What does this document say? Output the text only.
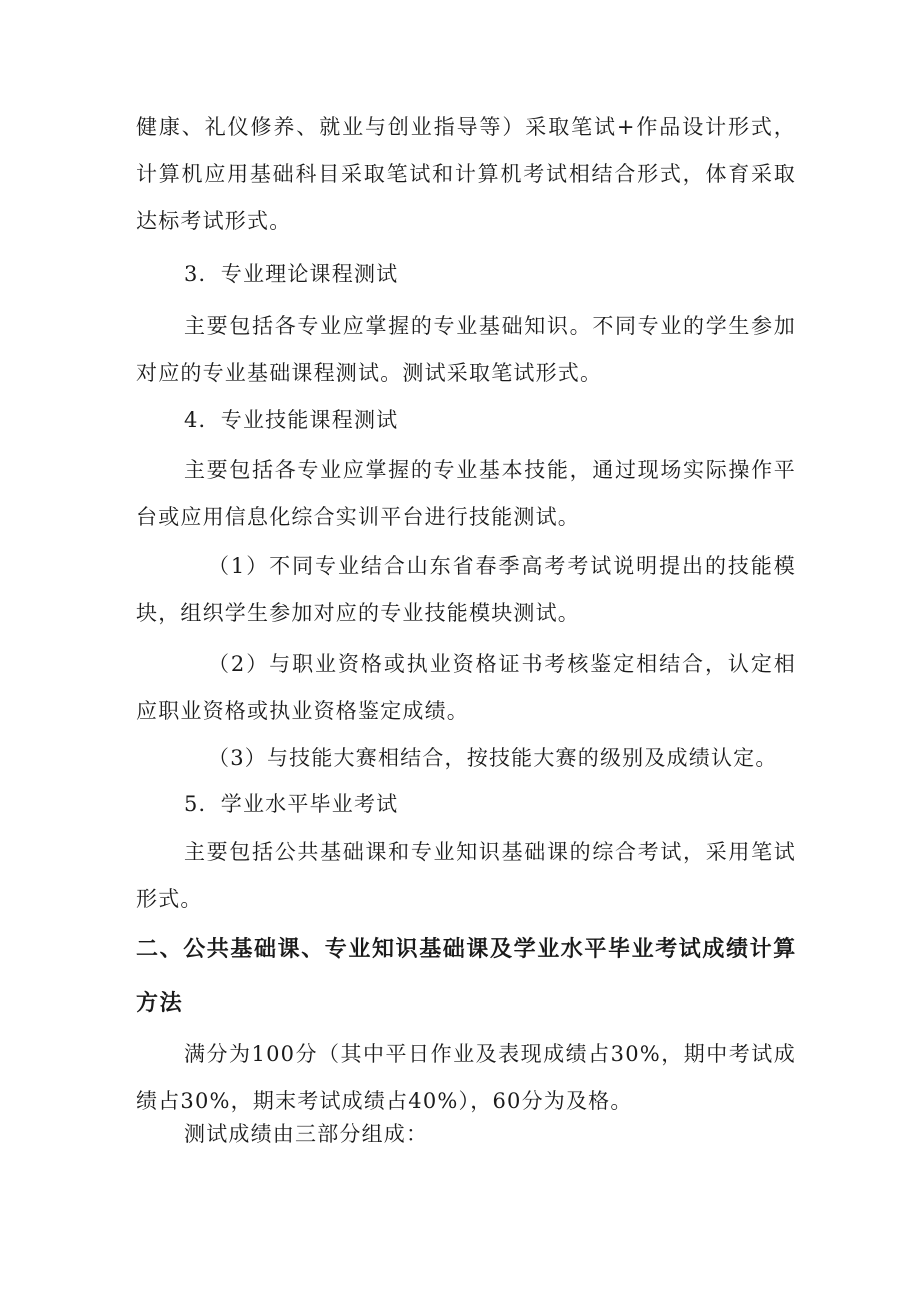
健康、礼仪修养、就业与创业指导等）采取笔试+作品设计形式，计算机应用基础科目采取笔试和计算机考试相结合形式，体育采取达标考试形式。

3．专业理论课程测试

主要包括各专业应掌握的专业基础知识。不同专业的学生参加对应的专业基础课程测试。测试采取笔试形式。

4．专业技能课程测试

主要包括各专业应掌握的专业基本技能，通过现场实际操作平台或应用信息化综合实训平台进行技能测试。

（1）不同专业结合山东省春季高考考试说明提出的技能模块，组织学生参加对应的专业技能模块测试。

（2）与职业资格或执业资格证书考核鉴定相结合，认定相应职业资格或执业资格鉴定成绩。

（3）与技能大赛相结合，按技能大赛的级别及成绩认定。

5．学业水平毕业考试

主要包括公共基础课和专业知识基础课的综合考试，采用笔试形式。

二、公共基础课、专业知识基础课及学业水平毕业考试成绩计算方法

满分为100分（其中平日作业及表现成绩占30%，期中考试成绩占30%，期末考试成绩占40%），60分为及格。

测试成绩由三部分组成：
